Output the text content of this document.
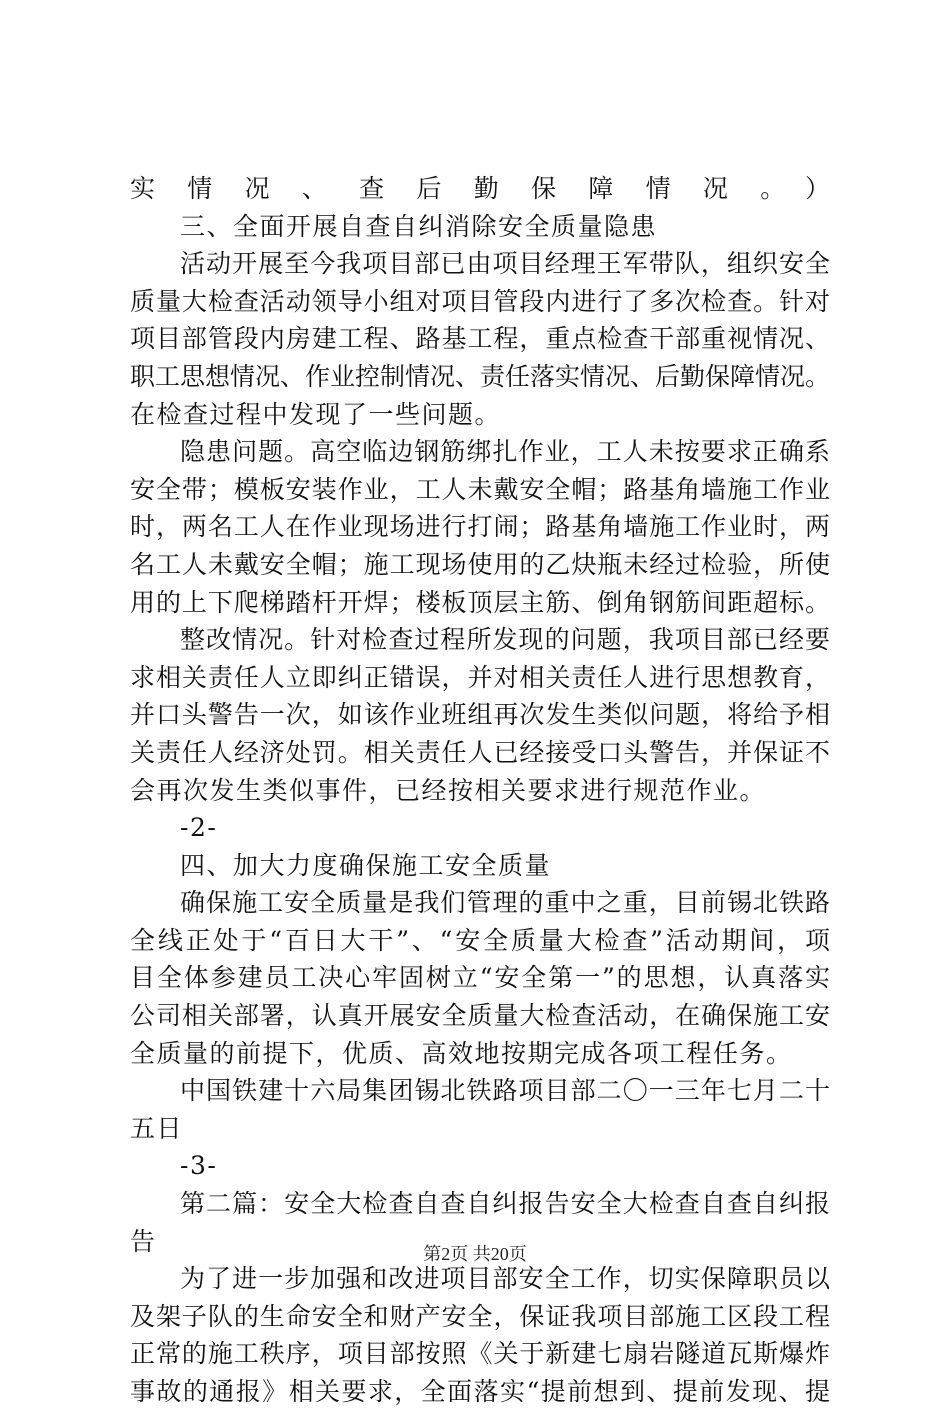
实情况、查后勤保障情况。）
三、全面开展自查自纠消除安全质量隐患
活动开展至今我项目部已由项目经理王军带队，组织安全
质量大检查活动领导小组对项目管段内进行了多次检查。针对
项目部管段内房建工程、路基工程，重点检查干部重视情况、
职工思想情况、作业控制情况、责任落实情况、后勤保障情况。
在检查过程中发现了一些问题。
隐患问题。高空临边钢筋绑扎作业，工人未按要求正确系
安全带；模板安装作业，工人未戴安全帽；路基角墙施工作业
时，两名工人在作业现场进行打闹；路基角墙施工作业时，两
名工人未戴安全帽；施工现场使用的乙炔瓶未经过检验，所使
用的上下爬梯踏杆开焊；楼板顶层主筋、倒角钢筋间距超标。
整改情况。针对检查过程所发现的问题，我项目部已经要
求相关责任人立即纠正错误，并对相关责任人进行思想教育，
并口头警告一次，如该作业班组再次发生类似问题，将给予相
关责任人经济处罚。相关责任人已经接受口头警告，并保证不
会再次发生类似事件，已经按相关要求进行规范作业。
-2-
四、加大力度确保施工安全质量
确保施工安全质量是我们管理的重中之重，目前锡北铁路
全线正处于“百日大干”、“安全质量大检查”活动期间，项
目全体参建员工决心牢固树立“安全第一”的思想，认真落实
公司相关部署，认真开展安全质量大检查活动，在确保施工安
全质量的前提下，优质、高效地按期完成各项工程任务。
中国铁建十六局集团锡北铁路项目部二〇一三年七月二十
五日
-3-
第二篇：安全大检查自查自纠报告安全大检查自查自纠报
告
为了进一步加强和改进项目部安全工作，切实保障职员以
及架子队的生命安全和财产安全，保证我项目部施工区段工程
正常的施工秩序，项目部按照《关于新建七扇岩隧道瓦斯爆炸
事故的通报》相关要求，全面落实“提前想到、提前发现、提
第2页 共20页
